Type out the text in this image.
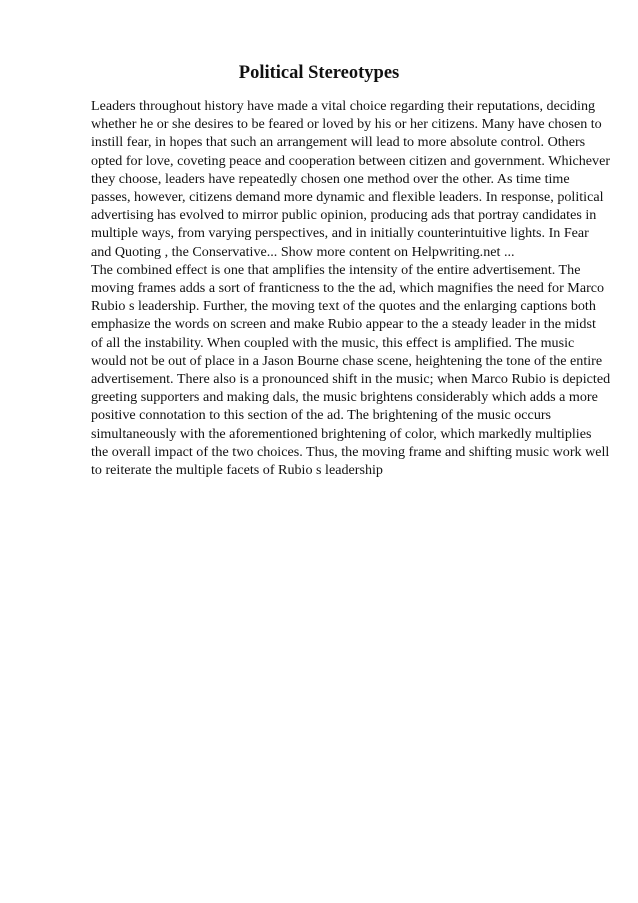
Political Stereotypes

Leaders throughout history have made a vital choice regarding their reputations, deciding whether he or she desires to be feared or loved by his or her citizens. Many have chosen to instill fear, in hopes that such an arrangement will lead to more absolute control. Others opted for love, coveting peace and cooperation between citizen and government. Whichever they choose, leaders have repeatedly chosen one method over the other. As time time passes, however, citizens demand more dynamic and flexible leaders. In response, political advertising has evolved to mirror public opinion, producing ads that portray candidates in multiple ways, from varying perspectives, and in initially counterintuitive lights. In Fear and Quoting , the Conservative... Show more content on Helpwriting.net ...

The combined effect is one that amplifies the intensity of the entire advertisement. The moving frames adds a sort of franticness to the the ad, which magnifies the need for Marco Rubio s leadership. Further, the moving text of the quotes and the enlarging captions both emphasize the words on screen and make Rubio appear to the a steady leader in the midst of all the instability. When coupled with the music, this effect is amplified. The music would not be out of place in a Jason Bourne chase scene, heightening the tone of the entire advertisement. There also is a pronounced shift in the music; when Marco Rubio is depicted greeting supporters and making dals, the music brightens considerably which adds a more positive connotation to this section of the ad. The brightening of the music occurs simultaneously with the aforementioned brightening of color, which markedly multiplies the overall impact of the two choices. Thus, the moving frame and shifting music work well to reiterate the multiple facets of Rubio s leadership
